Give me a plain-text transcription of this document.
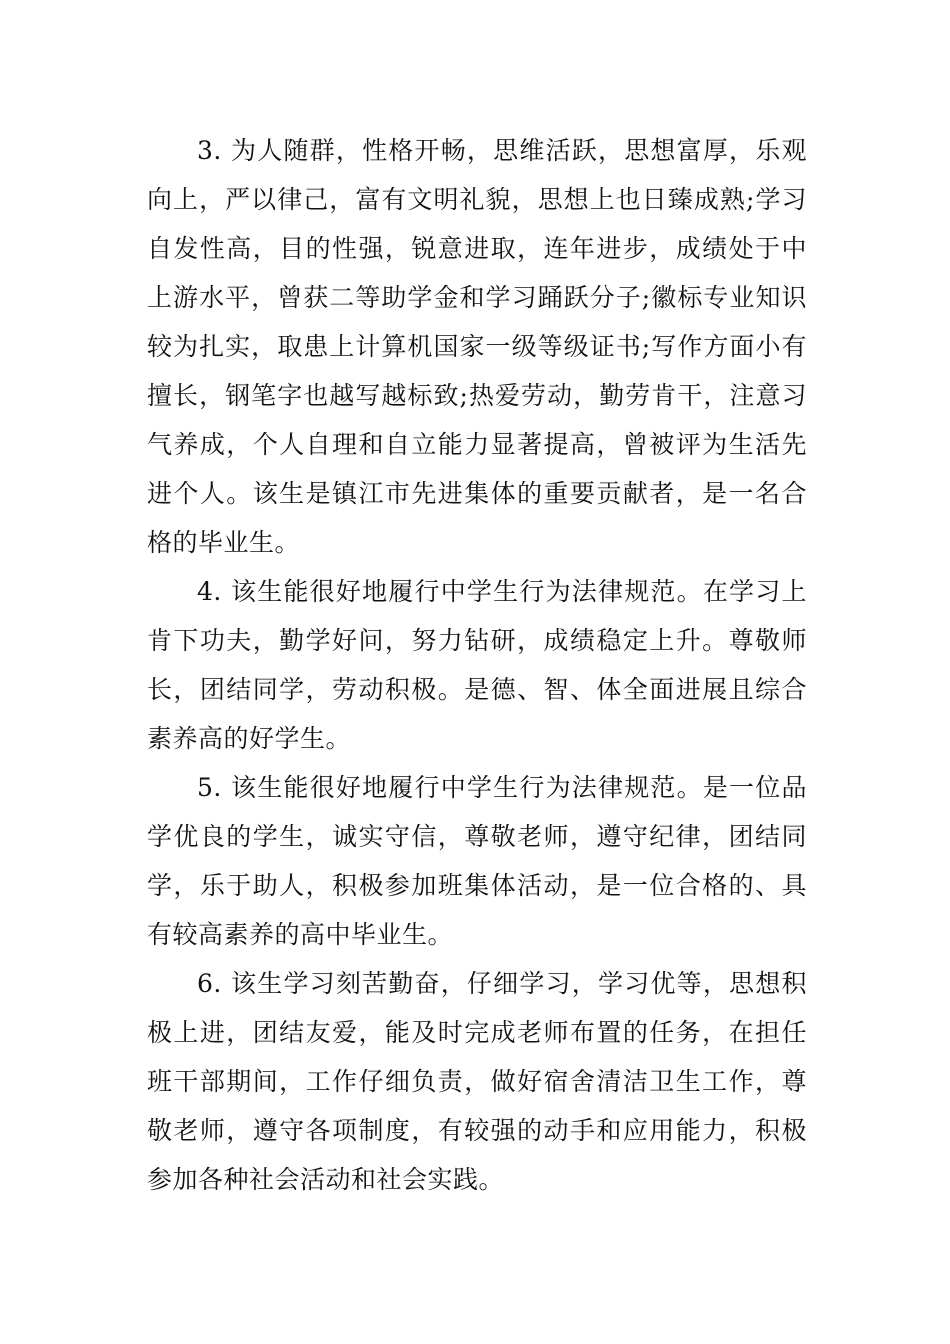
3. 为人随群，性格开畅，思维活跃，思想富厚，乐观向上，严以律己，富有文明礼貌，思想上也日臻成熟;学习自发性高，目的性强，锐意进取，连年进步，成绩处于中上游水平，曾获二等助学金和学习踊跃分子;徽标专业知识较为扎实，取患上计算机国家一级等级证书;写作方面小有擅长，钢笔字也越写越标致;热爱劳动，勤劳肯干，注意习气养成，个人自理和自立能力显著提高，曾被评为生活先进个人。该生是镇江市先进集体的重要贡献者，是一名合格的毕业生。

4. 该生能很好地履行中学生行为法律规范。在学习上肯下功夫，勤学好问，努力钻研，成绩稳定上升。尊敬师长，团结同学，劳动积极。是德、智、体全面进展且综合素养高的好学生。

5. 该生能很好地履行中学生行为法律规范。是一位品学优良的学生，诚实守信，尊敬老师，遵守纪律，团结同学，乐于助人，积极参加班集体活动，是一位合格的、具有较高素养的高中毕业生。

6. 该生学习刻苦勤奋，仔细学习，学习优等，思想积极上进，团结友爱，能及时完成老师布置的任务，在担任班干部期间，工作仔细负责，做好宿舍清洁卫生工作，尊敬老师，遵守各项制度，有较强的动手和应用能力，积极参加各种社会活动和社会实践。
